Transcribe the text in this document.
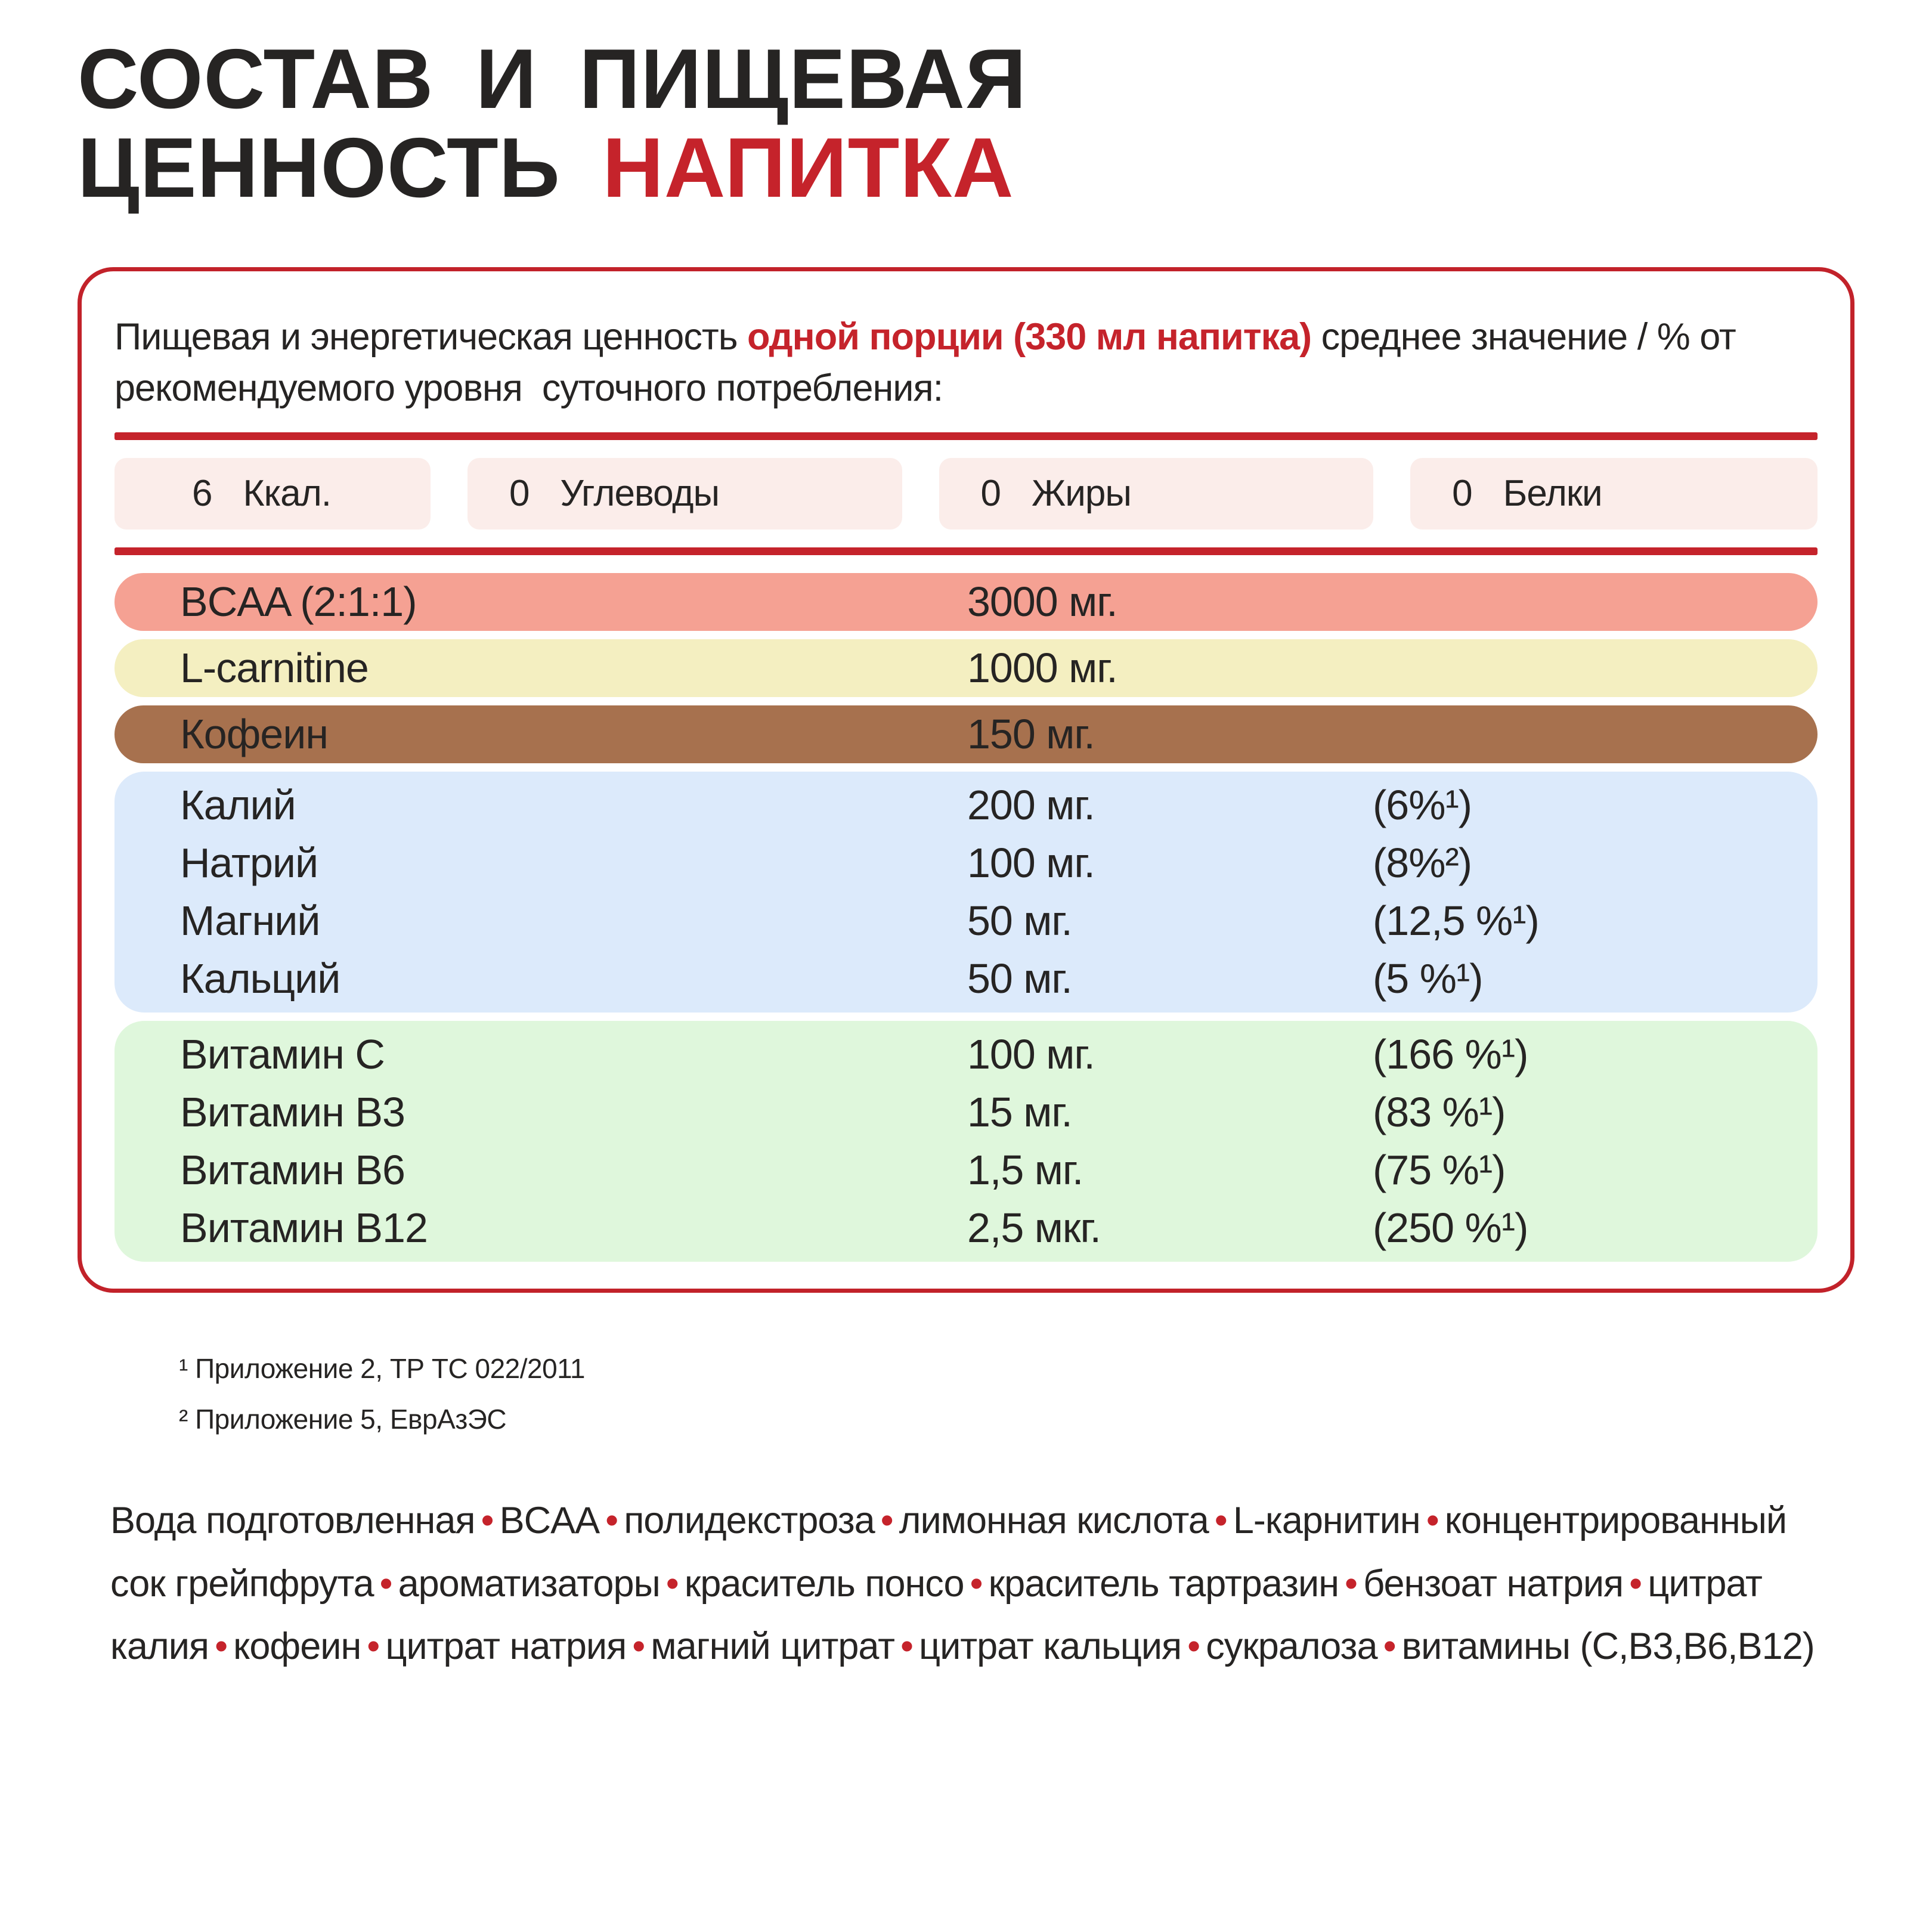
СОСТАВ И ПИЩЕВАЯ
ЦЕННОСТЬ НАПИТКА

Пищевая и энергетическая ценность одной порции (330 мл напитка) среднее значение / % от рекомендуемого уровня  суточного потребления:

6 Ккал.	0 Углеводы	0 Жиры	0 Белки
BCAA (2:1:1)	3000 мг.
L-carnitine	1000 мг.
Кофеин	150 мг.
Калий	200 мг.	(6%¹)
Натрий	100 мг.	(8%²)
Магний	50 мг.	(12,5 %¹)
Кальций	50 мг.	(5 %¹)
Витамин C	100 мг.	(166 %¹)
Витамин B3	15 мг.	(83 %¹)
Витамин B6	1,5 мг.	(75 %¹)
Витамин B12	2,5 мкг.	(250 %¹)
¹ Приложение 2, ТР ТС 022/2011
² Приложение 5, ЕврАзЭС

Вода подготовленная • BCAA • полидекстроза • лимонная кислота • L-карнитин • концентрированный сок грейпфрута • ароматизаторы • краситель понсо • краситель тартразин • бензоат натрия • цитрат калия • кофеин • цитрат натрия • магний цитрат • цитрат кальция • сукралоза • витамины (C,B3,B6,B12)
